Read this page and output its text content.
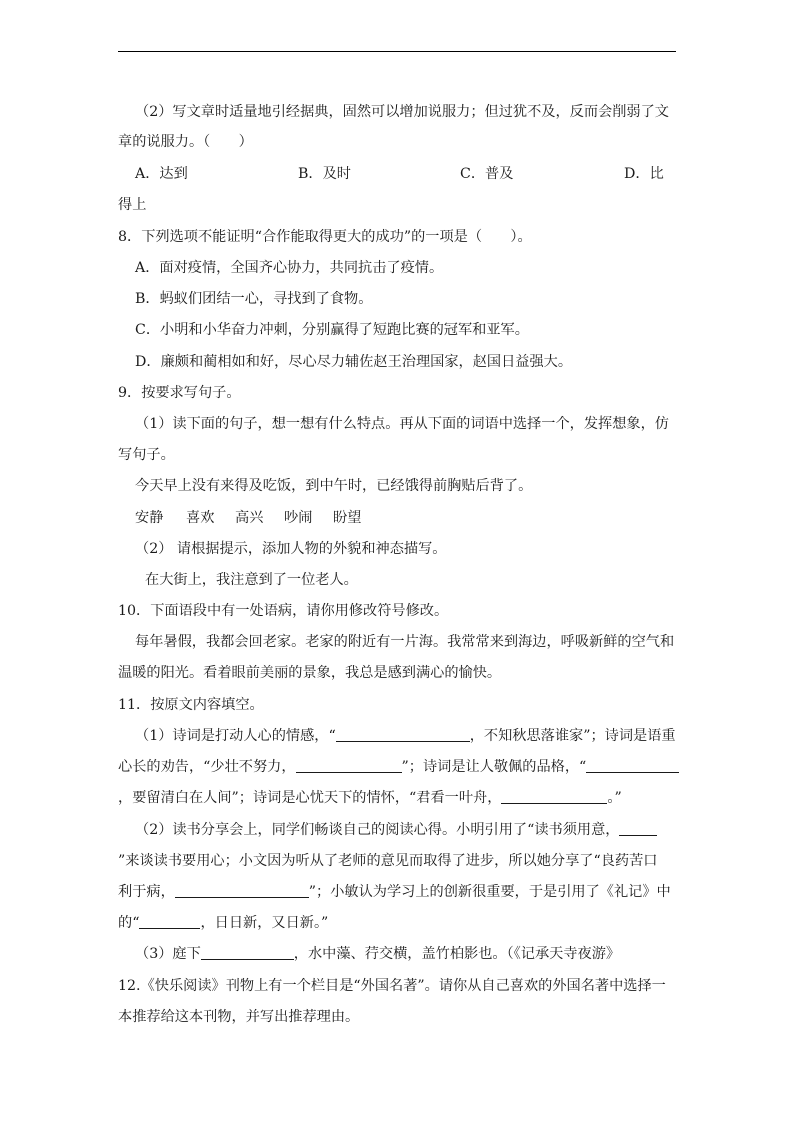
（2）写文章时适量地引经据典，固然可以增加说服力；但过犹不及，反而会削弱了文
章的说服力。（　　）
A．达到	B．及时	C．普及	D．比
得上
8．下列选项不能证明“合作能取得更大的成功”的一项是（　　）。
A．面对疫情，全国齐心协力，共同抗击了疫情。
B．蚂蚁们团结一心，寻找到了食物。
C．小明和小华奋力冲刺，分别赢得了短跑比赛的冠军和亚军。
D．廉颇和蔺相如和好，尽心尽力辅佐赵王治理国家，赵国日益强大。
9．按要求写句子。
（1）读下面的句子，想一想有什么特点。再从下面的词语中选择一个，发挥想象，仿
写句子。
今天早上没有来得及吃饭，到中午时，已经饿得前胸贴后背了。
安静 喜欢 高兴 吵闹 盼望
（2） 请根据提示，添加人物的外貌和神态描写。
在大街上，我注意到了一位老人。
10．下面语段中有一处语病，请你用修改符号修改。
每年暑假，我都会回老家。老家的附近有一片海。我常常来到海边，呼吸新鲜的空气和
温暖的阳光。看着眼前美丽的景象，我总是感到满心的愉快。
11．按原文内容填空。
（1）诗词是打动人心的情感，“	，不知秋思落谁家”；诗词是语重
心长的劝告，“少壮不努力，	”；诗词是让人敬佩的品格，“
，要留清白在人间”；诗词是心忧天下的情怀，“君看一叶舟，	。”
（2）读书分享会上，同学们畅谈自己的阅读心得。小明引用了“读书须用意，
”来谈读书要用心；小文因为听从了老师的意见而取得了进步，所以她分享了“良药苦口
利于病，	”；小敏认为学习上的创新很重要，于是引用了《礼记》中
的“	，日日新，又日新。”
（3）庭下	，水中藻、荇交横，盖竹柏影也。（《记承天寺夜游》
12.《快乐阅读》刊物上有一个栏目是“外国名著”。请你从自己喜欢的外国名著中选择一
本推荐给这本刊物，并写出推荐理由。
